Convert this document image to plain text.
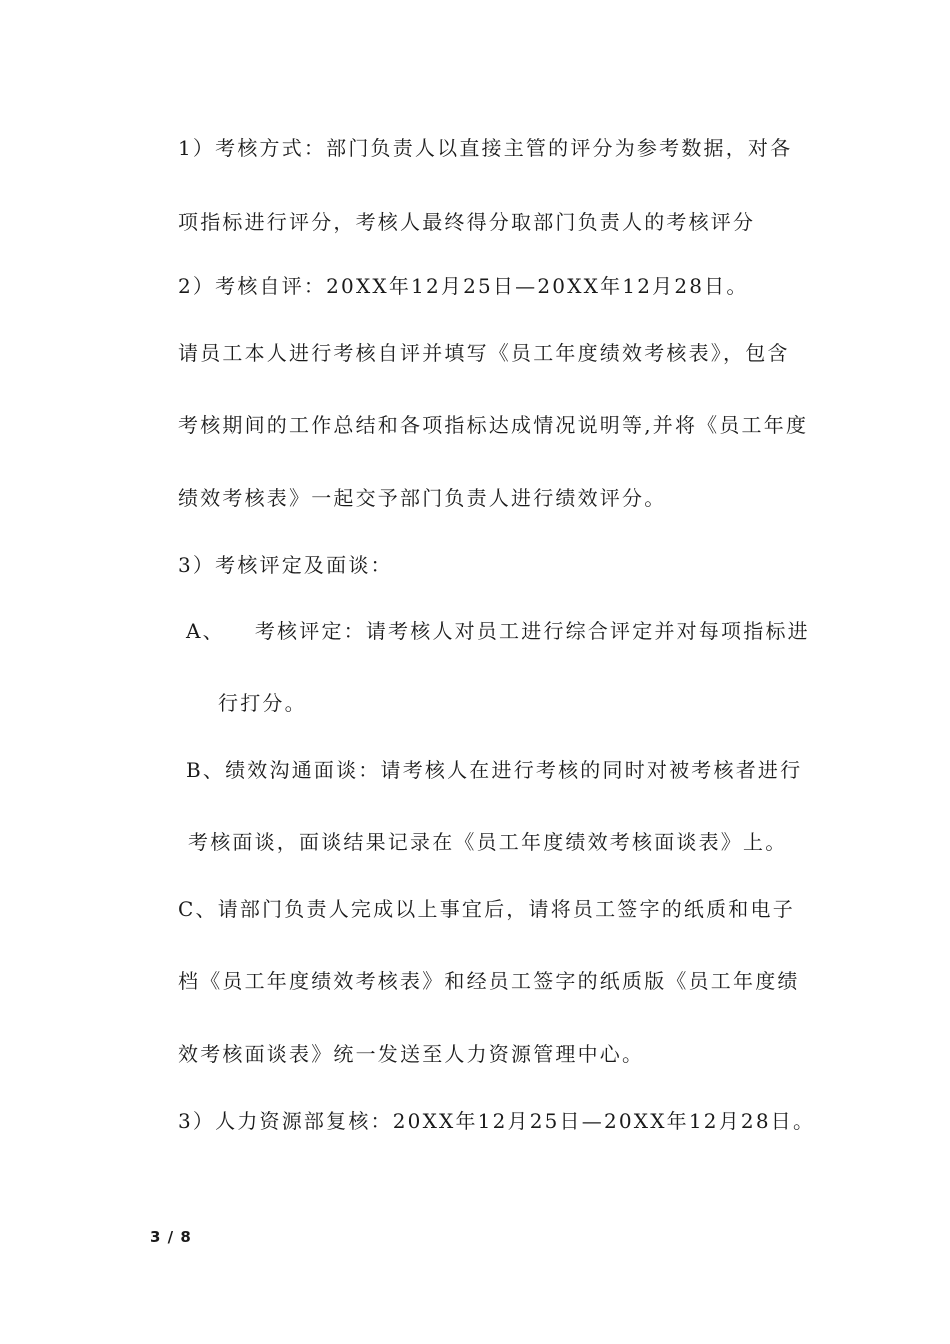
1）考核方式：部门负责人以直接主管的评分为参考数据，对各
项指标进行评分，考核人最终得分取部门负责人的考核评分
2）考核自评：20XX年12月25日—20XX年12月28日。
请员工本人进行考核自评并填写《员工年度绩效考核表》，包含
考核期间的工作总结和各项指标达成情况说明等,并将《员工年度
绩效考核表》一起交予部门负责人进行绩效评分。
3）考核评定及面谈：
A、 考核评定：请考核人对员工进行综合评定并对每项指标进
行打分。
B、绩效沟通面谈：请考核人在进行考核的同时对被考核者进行
考核面谈，面谈结果记录在《员工年度绩效考核面谈表》上。
C、请部门负责人完成以上事宜后，请将员工签字的纸质和电子
档《员工年度绩效考核表》和经员工签字的纸质版《员工年度绩
效考核面谈表》统一发送至人力资源管理中心。
3）人力资源部复核：20XX年12月25日—20XX年12月28日。
3 / 8
